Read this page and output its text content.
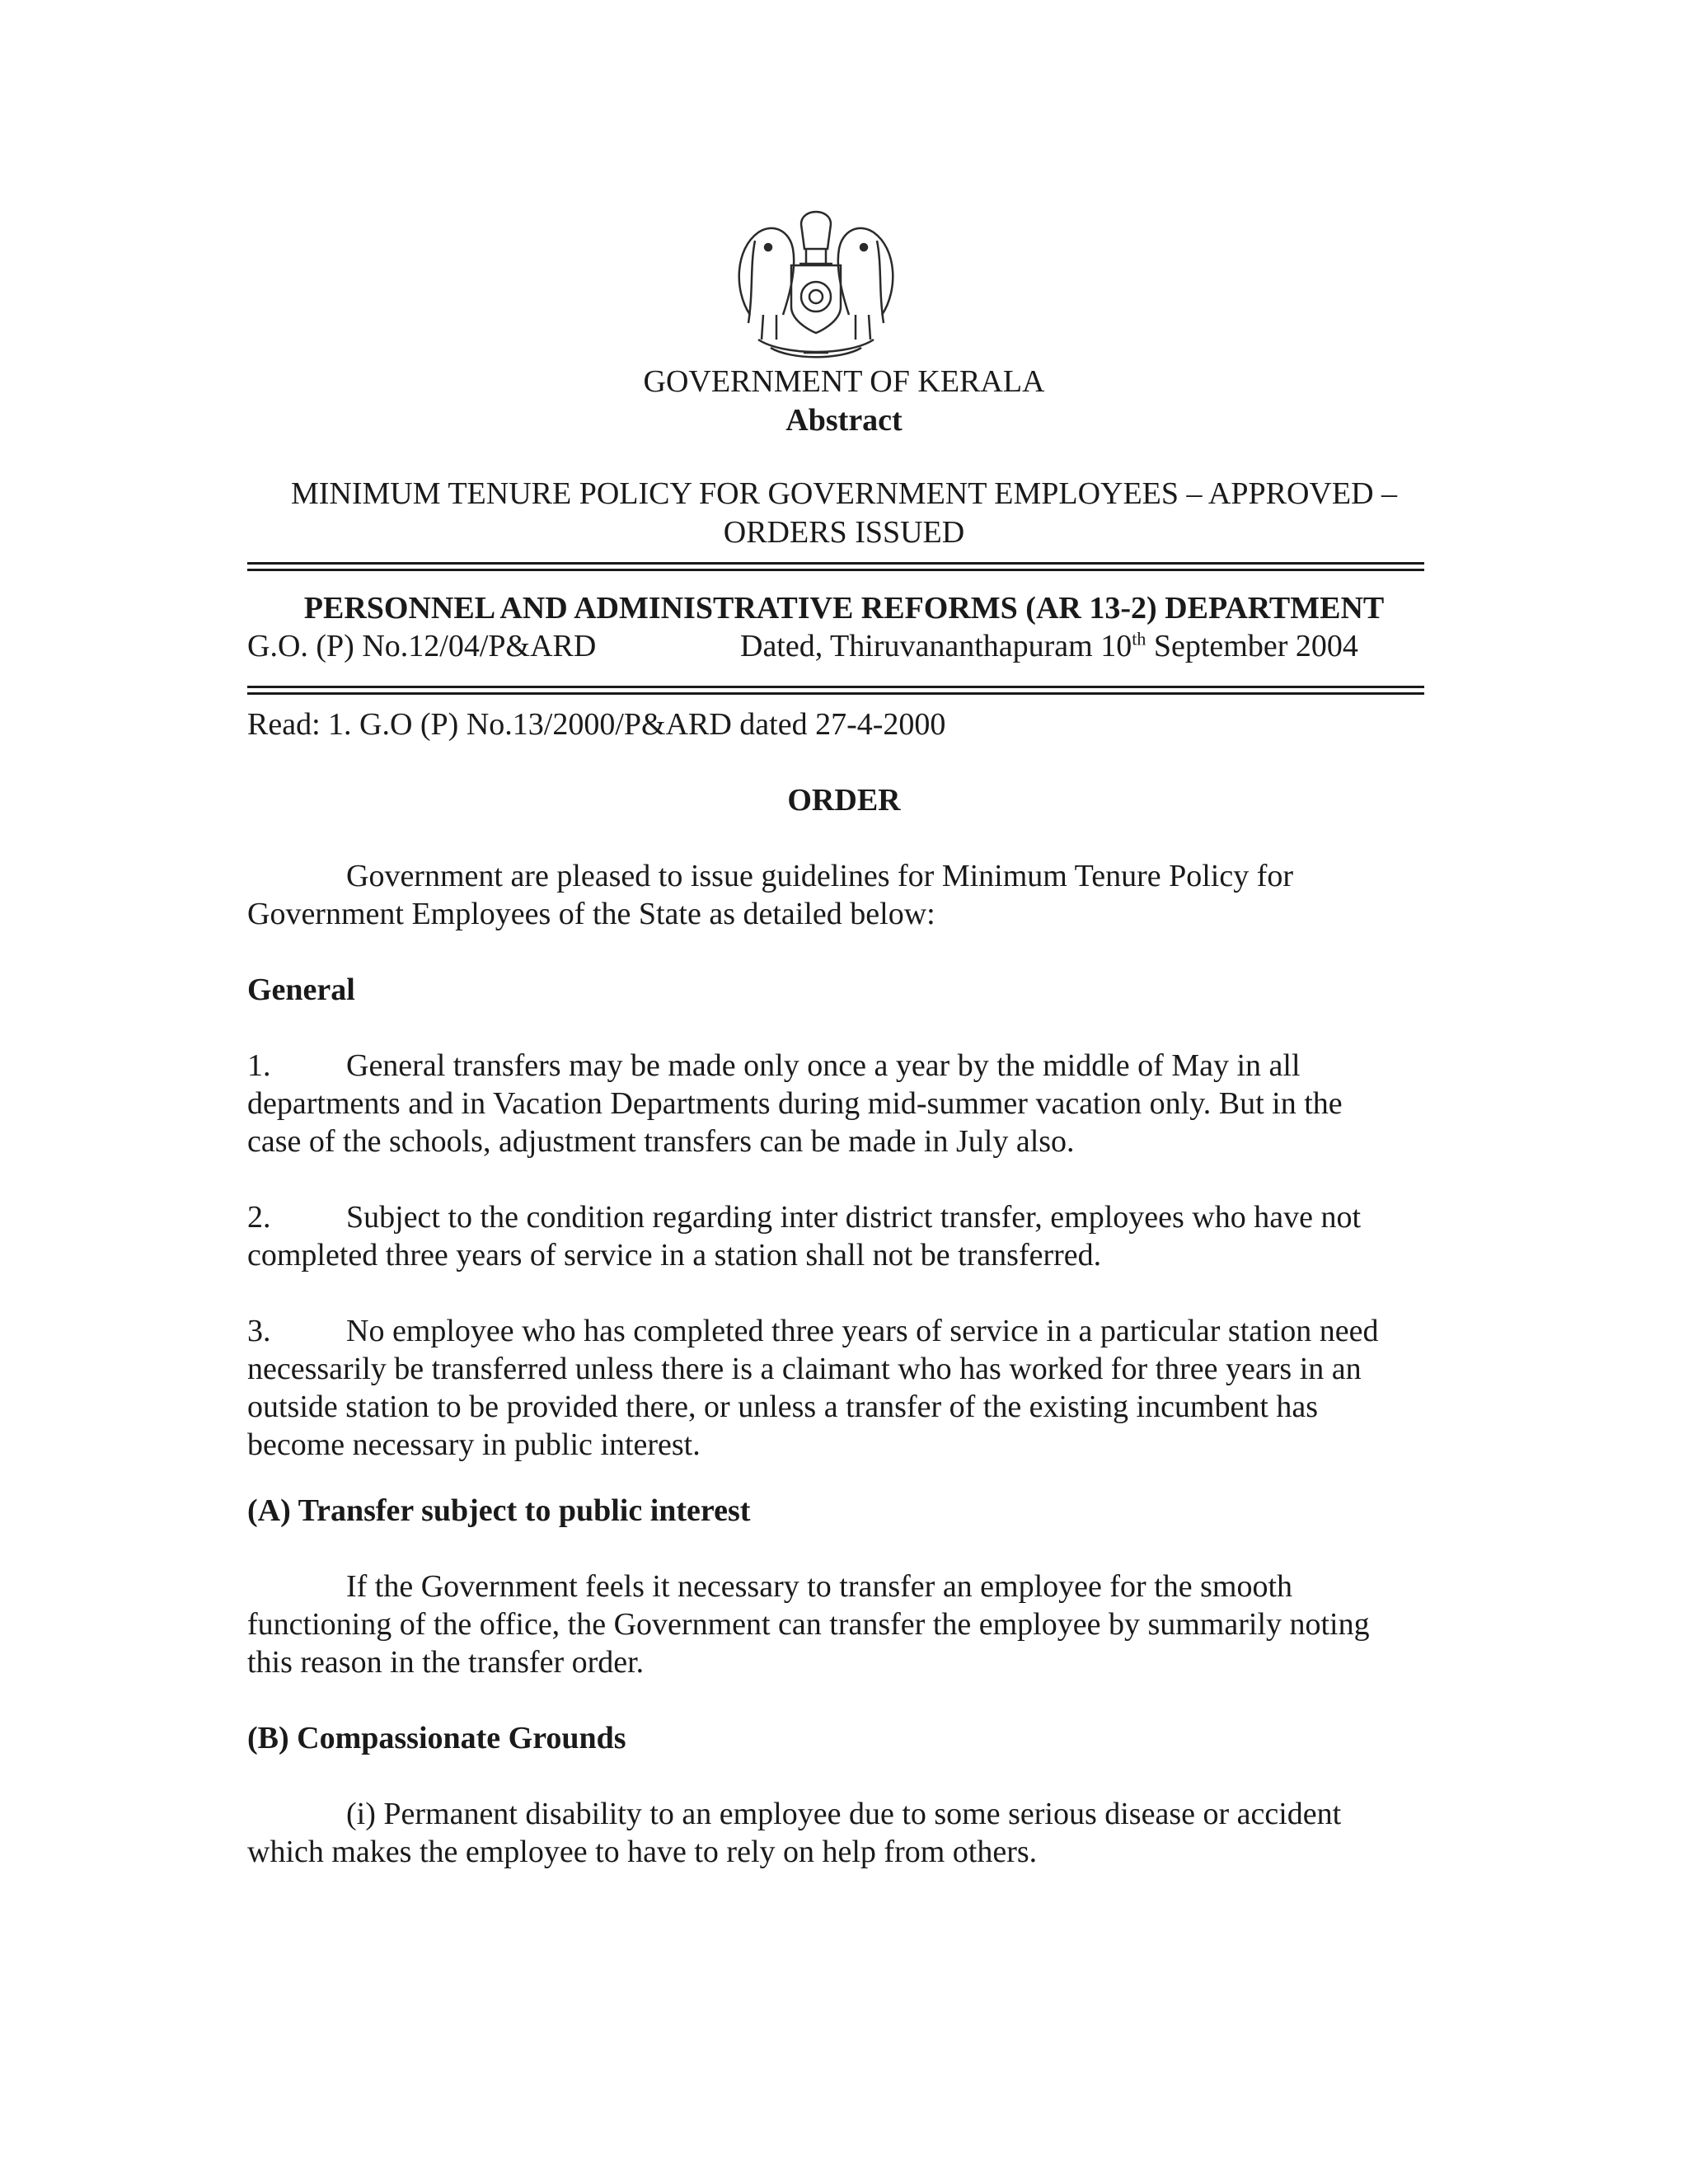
GOVERNMENT OF KERALA
Abstract
MINIMUM TENURE POLICY FOR GOVERNMENT EMPLOYEES – APPROVED –
ORDERS ISSUED
PERSONNEL AND ADMINISTRATIVE REFORMS (AR 13-2) DEPARTMENT
G.O. (P) No.12/04/P&ARD	Dated, Thiruvananthapuram 10th September 2004
Read: 1. G.O (P) No.13/2000/P&ARD dated 27-4-2000
ORDER
Government are pleased to issue guidelines for Minimum Tenure Policy for
Government Employees of the State as detailed below:
General
1. General transfers may be made only once a year by the middle of May in all
departments and in Vacation Departments during mid-summer vacation only. But in the
case of the schools, adjustment transfers can be made in July also.
2. Subject to the condition regarding inter district transfer, employees who have not
completed three years of service in a station shall not be transferred.
3. No employee who has completed three years of service in a particular station need
necessarily be transferred unless there is a claimant who has worked for three years in an
outside station to be provided there, or unless a transfer of the existing incumbent has
become necessary in public interest.
(A) Transfer subject to public interest
If the Government feels it necessary to transfer an employee for the smooth
functioning of the office, the Government can transfer the employee by summarily noting
this reason in the transfer order.
(B) Compassionate Grounds
(i) Permanent disability to an employee due to some serious disease or accident
which makes the employee to have to rely on help from others.
